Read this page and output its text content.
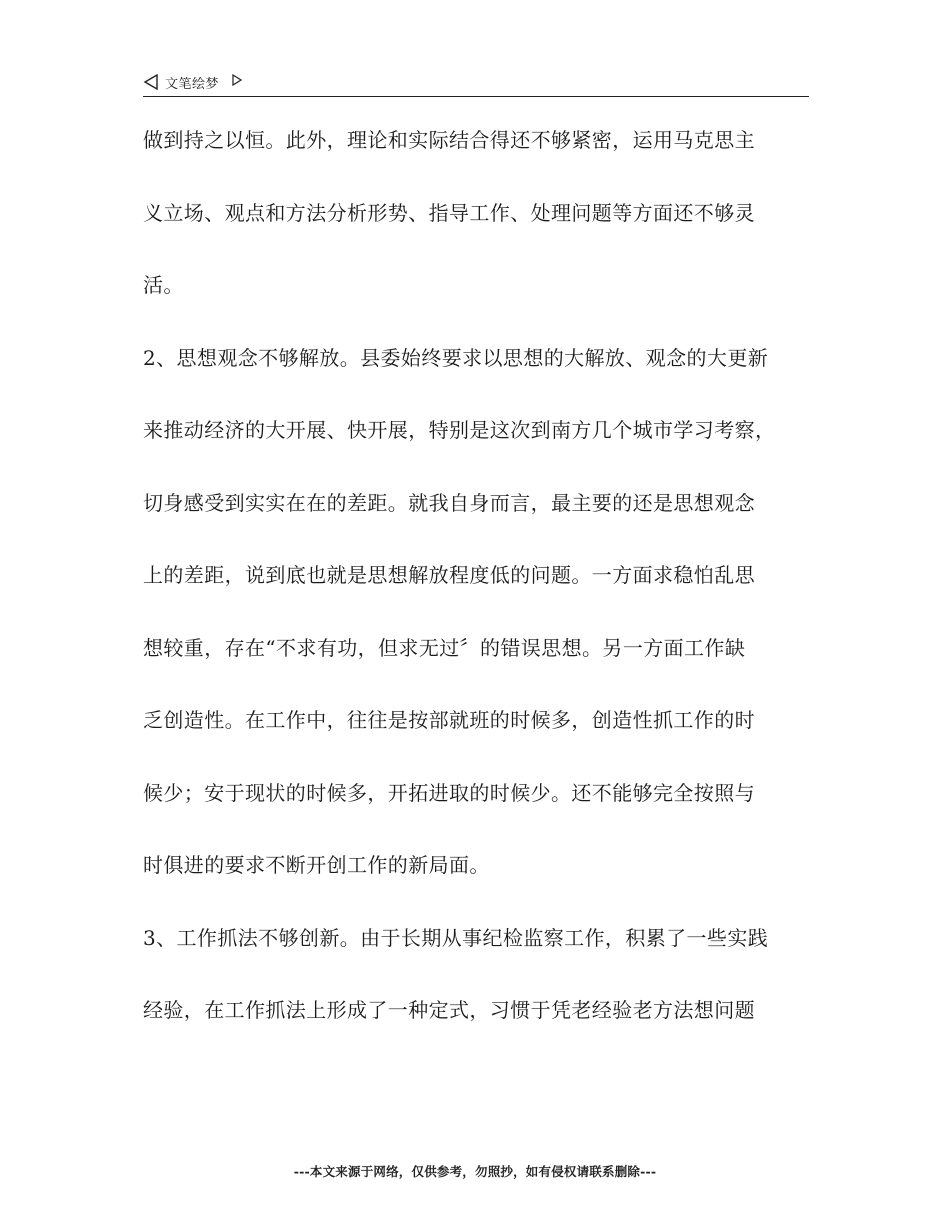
文笔绘梦
做到持之以恒。此外，理论和实际结合得还不够紧密，运用马克思主
义立场、观点和方法分析形势、指导工作、处理问题等方面还不够灵
活。
2、思想观念不够解放。县委始终要求以思想的大解放、观念的大更新
来推动经济的大开展、快开展，特别是这次到南方几个城市学习考察，
切身感受到实实在在的差距。就我自身而言，最主要的还是思想观念
上的差距，说到底也就是思想解放程度低的问题。一方面求稳怕乱思
想较重，存在“不求有功，但求无过〞的错误思想。另一方面工作缺
乏创造性。在工作中，往往是按部就班的时候多，创造性抓工作的时
候少；安于现状的时候多，开拓进取的时候少。还不能够完全按照与
时俱进的要求不断开创工作的新局面。
3、工作抓法不够创新。由于长期从事纪检监察工作，积累了一些实践
经验，在工作抓法上形成了一种定式，习惯于凭老经验老方法想问题
---本文来源于网络，仅供参考，勿照抄，如有侵权请联系删除---
